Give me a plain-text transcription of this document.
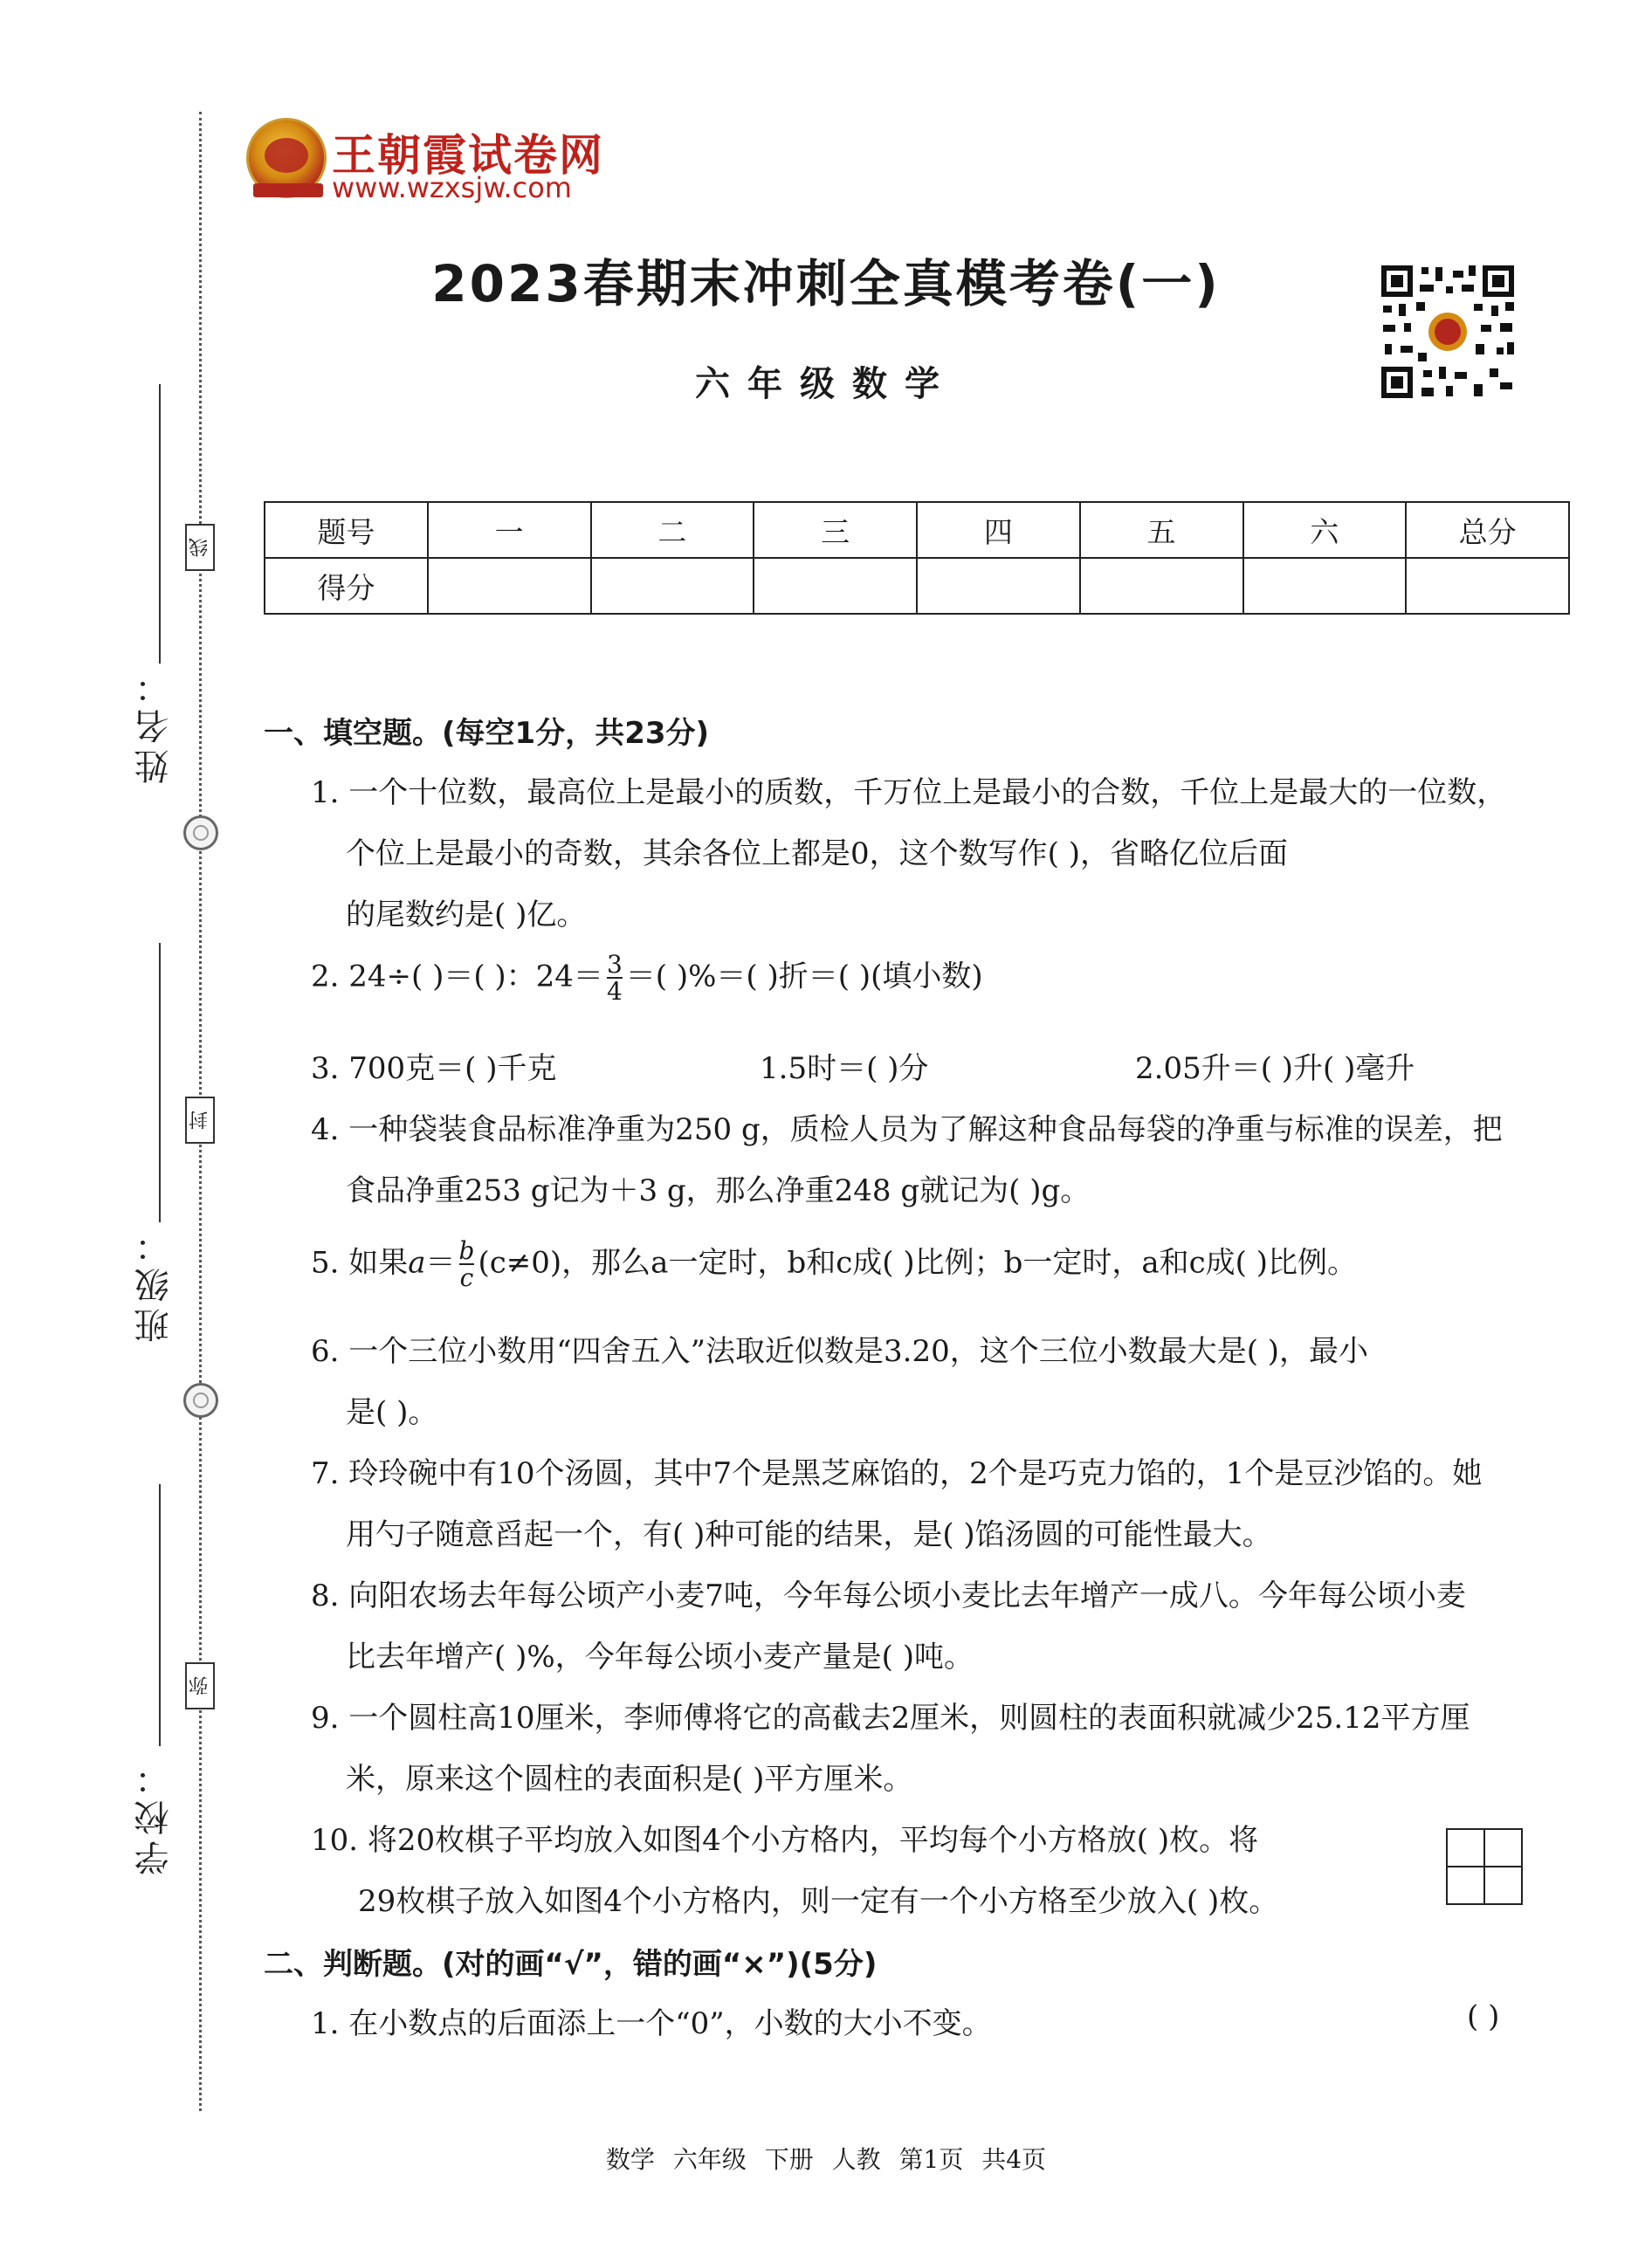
姓名：
班级：
学校：
线
封
弥
王朝霞试卷网
www.wzxsjw.com
2023春期末冲刺全真模考卷(一)
六年级数学
题号	一	二	三	四	五	六	总分
得分							
一、填空题。(每空1分，共23分)
1. 一个十位数，最高位上是最小的质数，千万位上是最小的合数，千位上是最大的一位数，
个位上是最小的奇数，其余各位上都是0，这个数写作( )，省略亿位后面
的尾数约是( )亿。
2. 24÷( )＝( )：$24= \frac{3}{4}$ ＝( )%＝( )折＝( )(填小数)
3. 700克＝( )千克	1.5时＝( )分	2.05升＝( )升( )毫升
4. 一种袋装食品标准净重为250 g，质检人员为了解这种食品每袋的净重与标准的误差，把
食品净重253 g记为＋3 g，那么净重248 g就记为( )g。
5. 如果$a= \frac{b}{c} (c\ne 0)$，那么a一定时，b和c成( )比例；b一定时，a和c成( )比例。
6. 一个三位小数用“四舍五入”法取近似数是3.20，这个三位小数最大是( )，最小
是( )。
7. 玲玲碗中有10个汤圆，其中7个是黑芝麻馅的，2个是巧克力馅的，1个是豆沙馅的。她
用勺子随意舀起一个，有( )种可能的结果，是( )馅汤圆的可能性最大。
8. 向阳农场去年每公顷产小麦7吨，今年每公顷小麦比去年增产一成八。今年每公顷小麦
比去年增产( )%，今年每公顷小麦产量是( )吨。
9. 一个圆柱高10厘米，李师傅将它的高截去2厘米，则圆柱的表面积就减少25.12平方厘
米，原来这个圆柱的表面积是( )平方厘米。
10. 将20枚棋子平均放入如图4个小方格内，平均每个小方格放( )枚。将
29枚棋子放入如图4个小方格内，则一定有一个小方格至少放入( )枚。
二、判断题。(对的画“√”，错的画“×”)(5分)
1. 在小数点的后面添上一个“0”，小数的大小不变。	( )
数学 六年级 下册 人教 第1页 共4页
